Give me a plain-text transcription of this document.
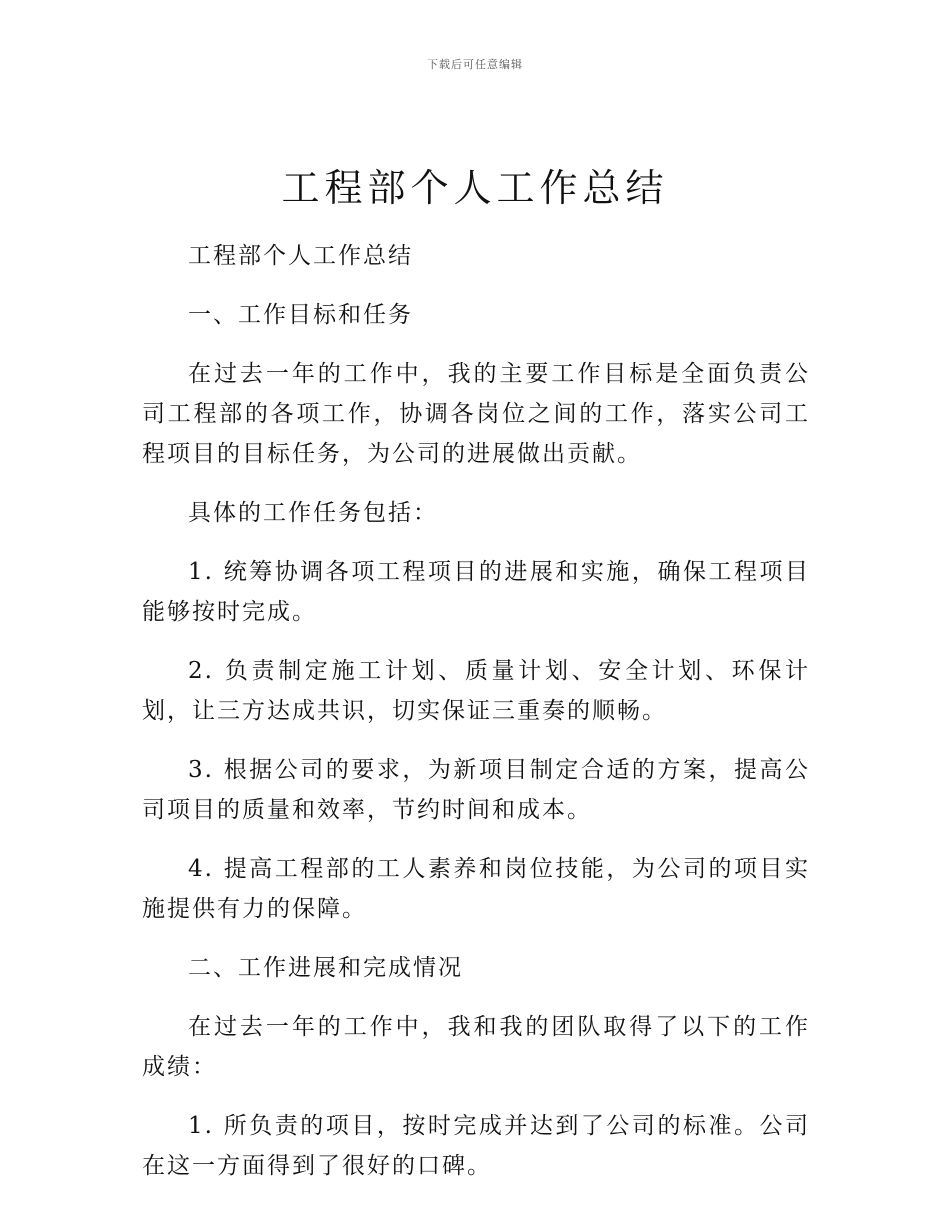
下载后可任意编辑
工程部个人工作总结

工程部个人工作总结

一、工作目标和任务

在过去一年的工作中，我的主要工作目标是全面负责公司工程部的各项工作，协调各岗位之间的工作，落实公司工程项目的目标任务，为公司的进展做出贡献。

具体的工作任务包括：

1. 统筹协调各项工程项目的进展和实施，确保工程项目能够按时完成。

2. 负责制定施工计划、质量计划、安全计划、环保计划，让三方达成共识，切实保证三重奏的顺畅。

3. 根据公司的要求，为新项目制定合适的方案，提高公司项目的质量和效率，节约时间和成本。

4. 提高工程部的工人素养和岗位技能，为公司的项目实施提供有力的保障。

二、工作进展和完成情况

在过去一年的工作中，我和我的团队取得了以下的工作成绩：

1. 所负责的项目，按时完成并达到了公司的标准。公司在这一方面得到了很好的口碑。
